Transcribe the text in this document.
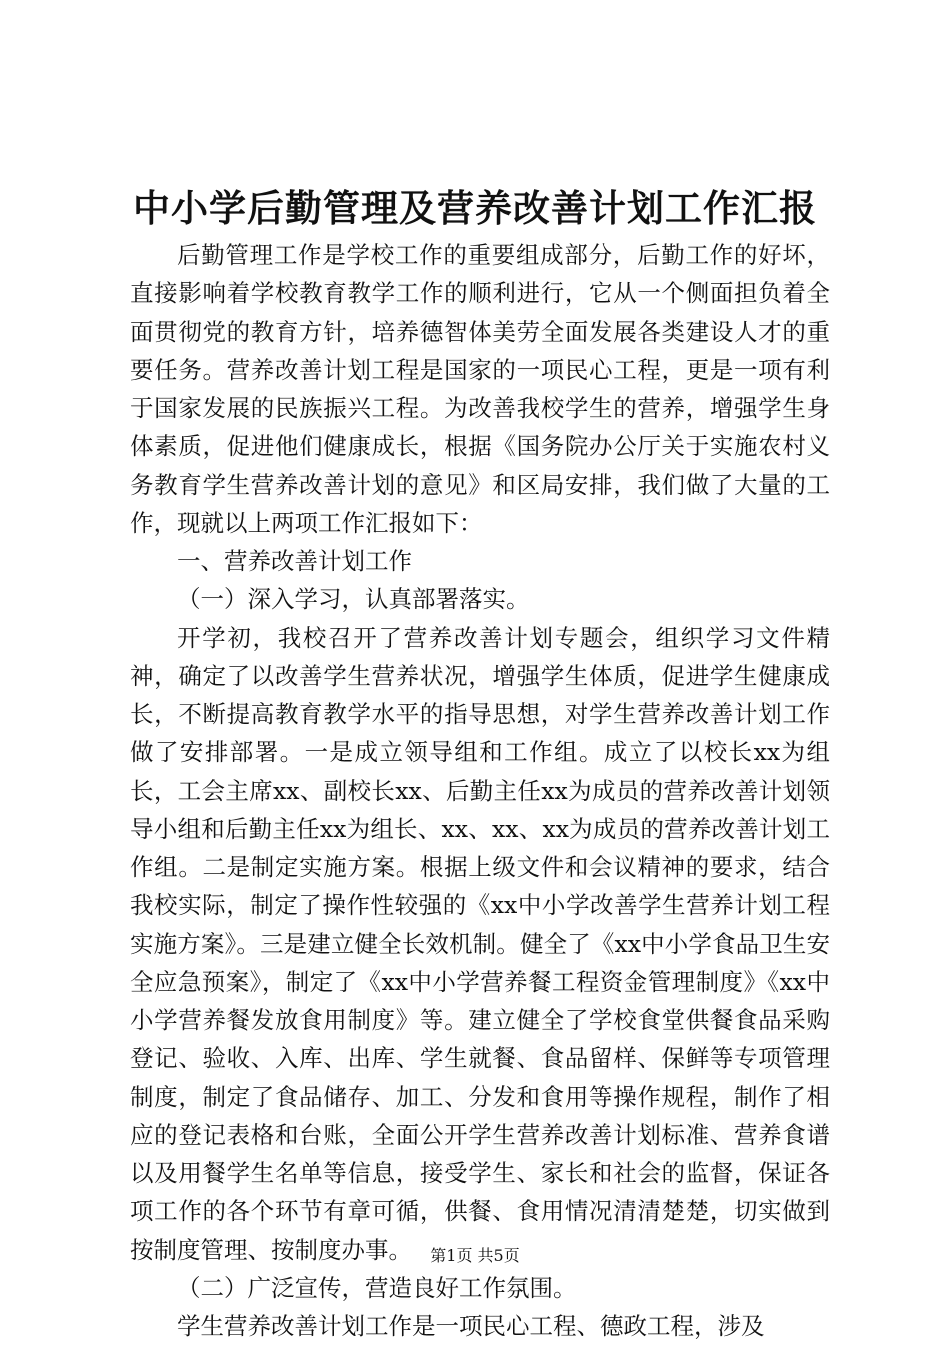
中小学后勤管理及营养改善计划工作汇报

后勤管理工作是学校工作的重要组成部分，后勤工作的好坏，直接影响着学校教育教学工作的顺利进行，它从一个侧面担负着全面贯彻党的教育方针，培养德智体美劳全面发展各类建设人才的重要任务。营养改善计划工程是国家的一项民心工程，更是一项有利于国家发展的民族振兴工程。为改善我校学生的营养，增强学生身体素质，促进他们健康成长，根据《国务院办公厅关于实施农村义务教育学生营养改善计划的意见》和区局安排，我们做了大量的工作，现就以上两项工作汇报如下：

一、营养改善计划工作

（一）深入学习，认真部署落实。

开学初，我校召开了营养改善计划专题会，组织学习文件精神，确定了以改善学生营养状况，增强学生体质，促进学生健康成长，不断提高教育教学水平的指导思想，对学生营养改善计划工作做了安排部署。一是成立领导组和工作组。成立了以校长xx为组长，工会主席xx、副校长xx、后勤主任xx为成员的营养改善计划领导小组和后勤主任xx为组长、xx、xx、xx为成员的营养改善计划工作组。二是制定实施方案。根据上级文件和会议精神的要求，结合我校实际，制定了操作性较强的《xx中小学改善学生营养计划工程实施方案》。三是建立健全长效机制。健全了《xx中小学食品卫生安全应急预案》，制定了《xx中小学营养餐工程资金管理制度》《xx中小学营养餐发放食用制度》等。建立健全了学校食堂供餐食品采购登记、验收、入库、出库、学生就餐、食品留样、保鲜等专项管理制度，制定了食品储存、加工、分发和食用等操作规程，制作了相应的登记表格和台账，全面公开学生营养改善计划标准、营养食谱以及用餐学生名单等信息，接受学生、家长和社会的监督，保证各项工作的各个环节有章可循，供餐、食用情况清清楚楚，切实做到按制度管理、按制度办事。

（二）广泛宣传，营造良好工作氛围。

学生营养改善计划工作是一项民心工程、德政工程，涉及

第1页 共5页
